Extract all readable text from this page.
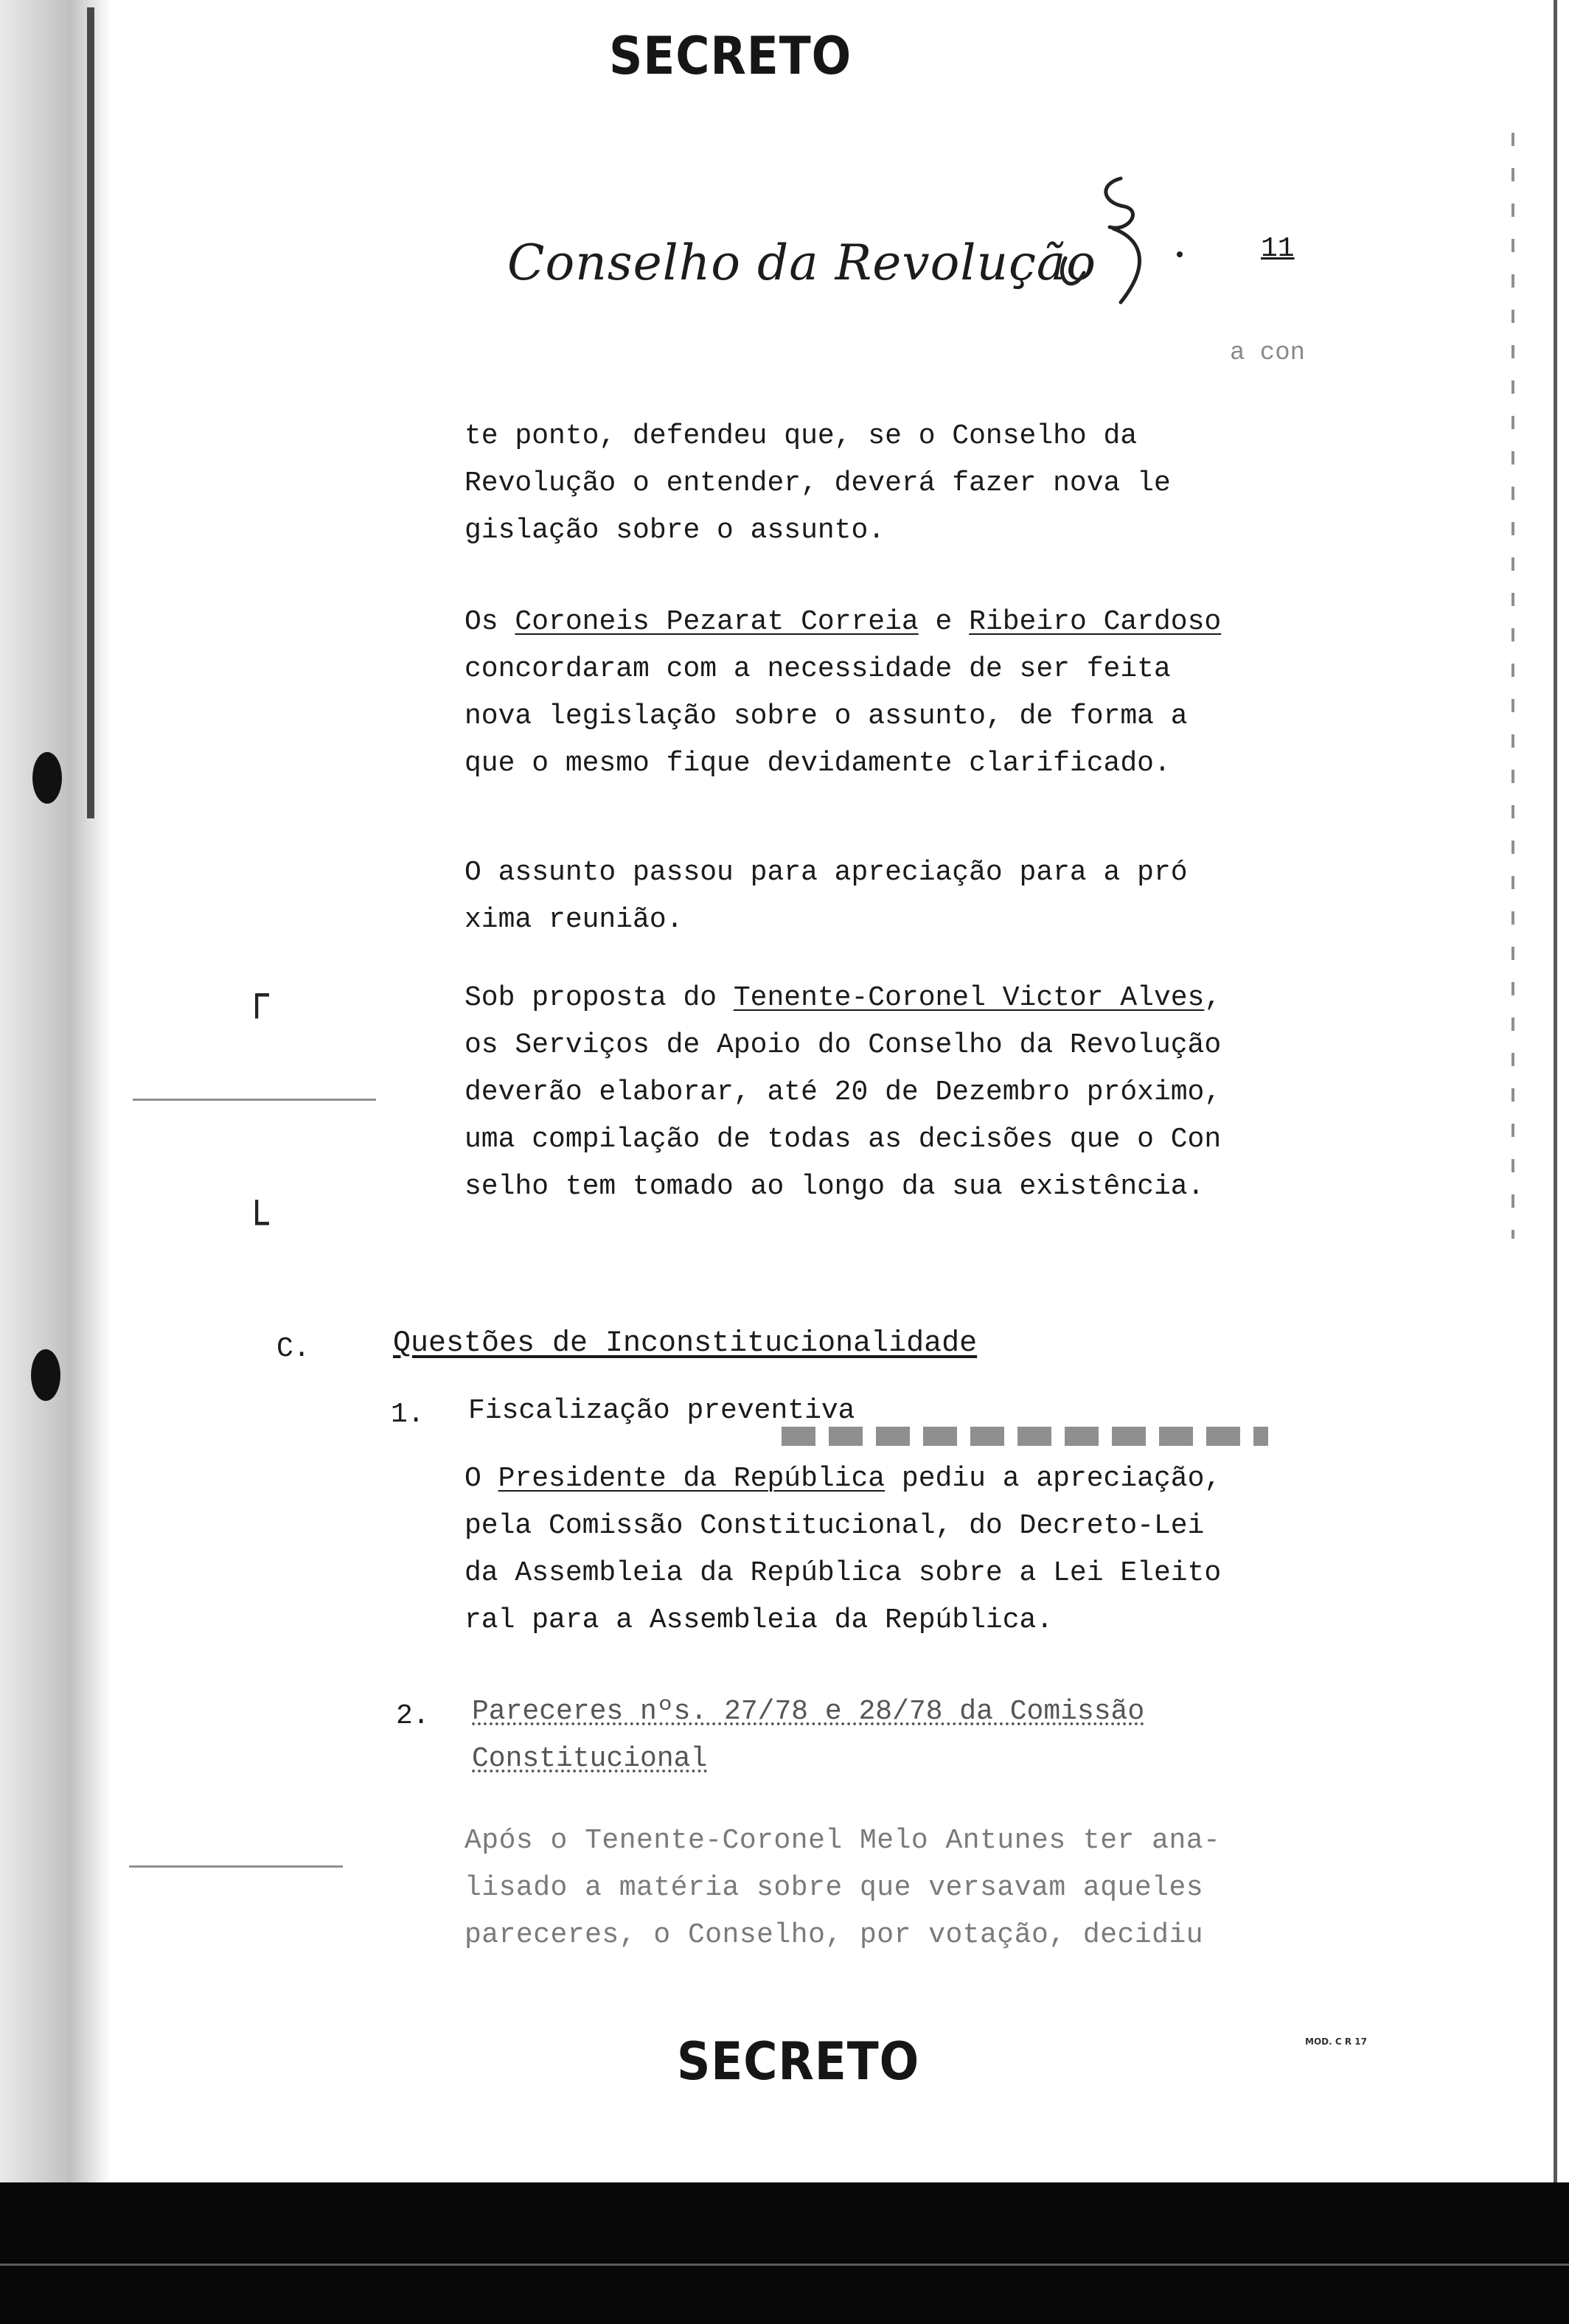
┌
└
SECRETO
Conselho da Revolução	11
a con

te ponto, defendeu que, se o Conselho da
Revolução o entender, deverá fazer nova le
gislação sobre o assunto.

Os Coroneis Pezarat Correia e Ribeiro Cardoso
concordaram com a necessidade de ser feita
nova legislação sobre o assunto, de forma a
que o mesmo fique devidamente clarificado.

O assunto passou para apreciação para a pró
xima reunião.

Sob proposta do Tenente-Coronel Victor Alves,
os Serviços de Apoio do Conselho da Revolução
deverão elaborar, até 20 de Dezembro próximo,
uma compilação de todas as decisões que o Con
selho tem tomado ao longo da sua existência.

C.	Questões de Inconstitucionalidade
1. Fiscalização preventiva

O Presidente da República pediu a apreciação,
pela Comissão Constitucional, do Decreto-Lei
da Assembleia da República sobre a Lei Eleito
ral para a Assembleia da República.

2. Pareceres nºs. 27/78 e 28/78 da Comissão
Constitucional

Após o Tenente-Coronel Melo Antunes ter ana-
lisado a matéria sobre que versavam aqueles
pareceres, o Conselho, por votação, decidiu

SECRETO	MOD. C R 17
